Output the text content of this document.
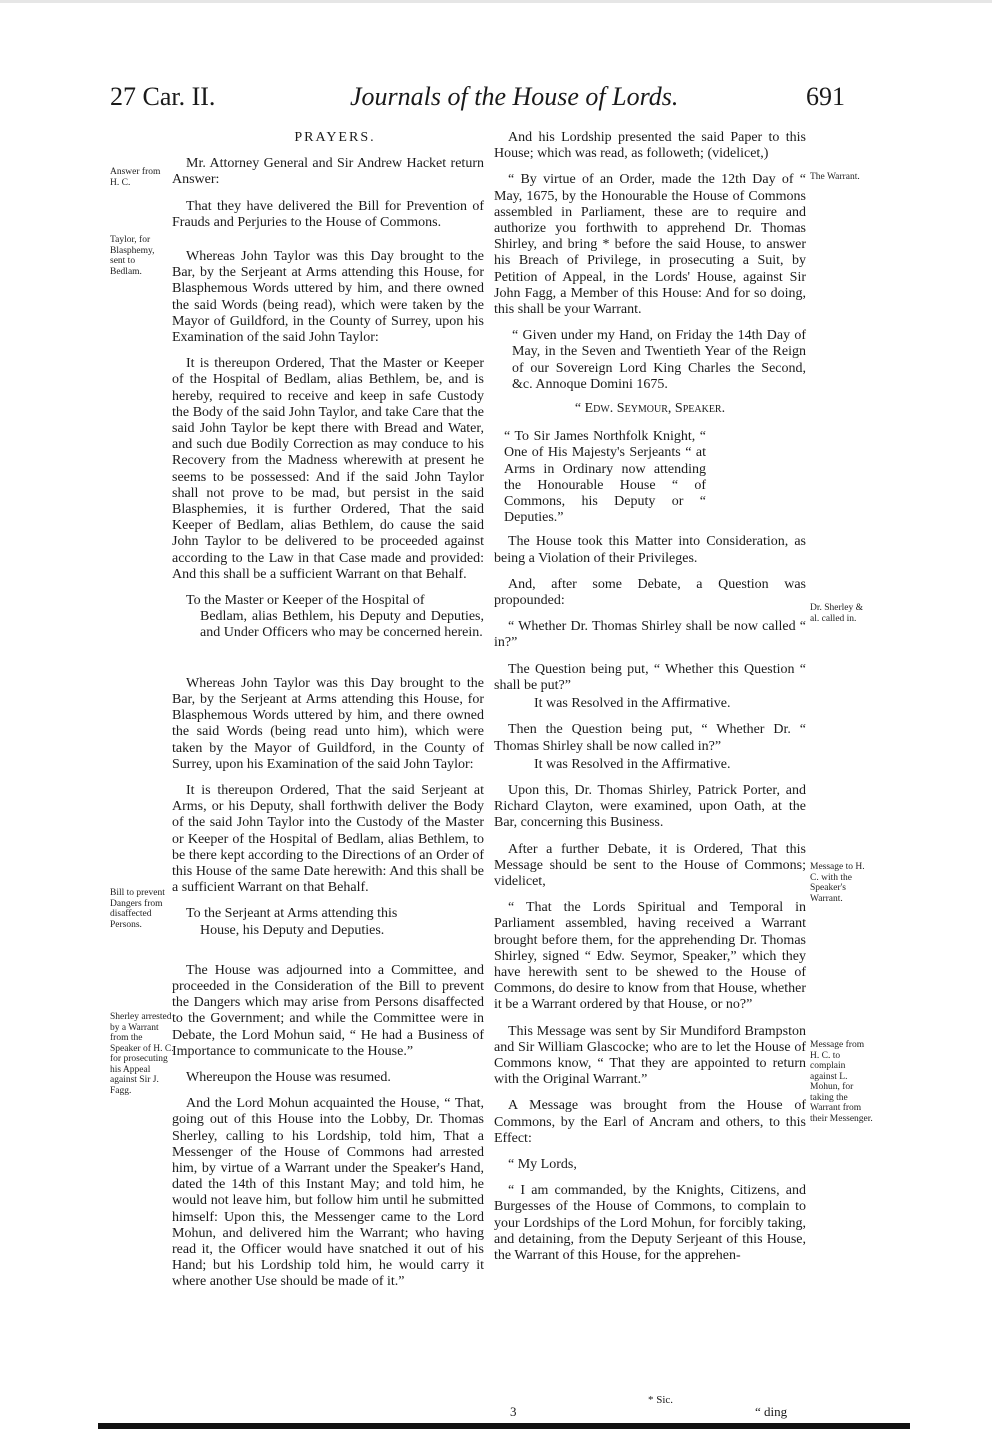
27 Car. II.	Journals of the House of Lords.	691
Answer from H. C.
Taylor, for Blasphemy, sent to Bedlam.
Bill to prevent Dangers from disaffected Persons.
Sherley arrested by a Warrant from the Speaker of H. C. for prosecuting his Appeal against Sir J. Fagg.

PRAYERS.

Mr. Attorney General and Sir Andrew Hacket return Answer:

That they have delivered the Bill for Prevention of Frauds and Perjuries to the House of Commons.

Whereas John Taylor was this Day brought to the Bar, by the Serjeant at Arms attending this House, for Blasphemous Words uttered by him, and there owned the said Words (being read), which were taken by the Mayor of Guildford, in the County of Surrey, upon his Examination of the said John Taylor:

It is thereupon Ordered, That the Master or Keeper of the Hospital of Bedlam, alias Bethlem, be, and is hereby, required to receive and keep in safe Custody the Body of the said John Taylor, and take Care that the said John Taylor be kept there with Bread and Water, and such due Bodily Correction as may conduce to his Recovery from the Madness wherewith at present he seems to be possessed: And if the said John Taylor shall not prove to be mad, but persist in the said Blasphemies, it is further Ordered, That the said Keeper of Bedlam, alias Bethlem, do cause the said John Taylor to be delivered to be proceeded against according to the Law in that Case made and provided: And this shall be a sufficient Warrant on that Behalf.

To the Master or Keeper of the Hospital of

Bedlam, alias Bethlem, his Deputy and Deputies, and Under Officers who may be concerned herein.

Whereas John Taylor was this Day brought to the Bar, by the Serjeant at Arms attending this House, for Blasphemous Words uttered by him, and there owned the said Words (being read unto him), which were taken by the Mayor of Guildford, in the County of Surrey, upon his Examination of the said John Taylor:

It is thereupon Ordered, That the said Serjeant at Arms, or his Deputy, shall forthwith deliver the Body of the said John Taylor into the Custody of the Master or Keeper of the Hospital of Bedlam, alias Bethlem, to be there kept according to the Directions of an Order of this House of the same Date herewith: And this shall be a sufficient Warrant on that Behalf.

To the Serjeant at Arms attending this

House, his Deputy and Deputies.

The House was adjourned into a Committee, and proceeded in the Consideration of the Bill to prevent the Dangers which may arise from Persons disaffected to the Government; and while the Committee were in Debate, the Lord Mohun said, “ He had a Business of Importance to communicate to the House.”

Whereupon the House was resumed.

And the Lord Mohun acquainted the House, “ That, going out of this House into the Lobby, Dr. Thomas Sherley, calling to his Lordship, told him, That a Messenger of the House of Commons had arrested him, by virtue of a Warrant under the Speaker's Hand, dated the 14th of this Instant May; and told him, he would not leave him, but follow him until he submitted himself: Upon this, the Messenger came to the Lord Mohun, and delivered him the Warrant; who having read it, the Officer would have snatched it out of his Hand; but his Lordship told him, he would carry it where another Use should be made of it.”

And his Lordship presented the said Paper to this House; which was read, as followeth; (videlicet,)

“ By virtue of an Order, made the 12th Day of “ May, 1675, by the Honourable the House of Commons assembled in Parliament, these are to require and authorize you forthwith to apprehend Dr. Thomas Shirley, and bring * before the said House, to answer his Breach of Privilege, in prosecuting a Suit, by Petition of Appeal, in the Lords' House, against Sir John Fagg, a Member of this House: And for so doing, this shall be your Warrant.

“ Given under my Hand, on Friday the 14th Day of May, in the Seven and Twentieth Year of the Reign of our Sovereign Lord King Charles the Second, &c. Annoque Domini 1675.

“ Edw. Seymour, Speaker.

“ To Sir James Northfolk Knight, “ One of His Majesty's Serjeants “ at Arms in Ordinary now attending the Honourable House “ of Commons, his Deputy or “ Deputies.”

The House took this Matter into Consideration, as being a Violation of their Privileges.

And, after some Debate, a Question was propounded:

“ Whether Dr. Thomas Shirley shall be now called “ in?”

The Question being put, “ Whether this Question “ shall be put?”

It was Resolved in the Affirmative.

Then the Question being put, “ Whether Dr. “ Thomas Shirley shall be now called in?”

It was Resolved in the Affirmative.

Upon this, Dr. Thomas Shirley, Patrick Porter, and Richard Clayton, were examined, upon Oath, at the Bar, concerning this Business.

After a further Debate, it is Ordered, That this Message should be sent to the House of Commons; videlicet,

“ That the Lords Spiritual and Temporal in Parliament assembled, having received a Warrant brought before them, for the apprehending Dr. Thomas Shirley, signed “ Edw. Seymor, Speaker,” which they have herewith sent to be shewed to the House of Commons, do desire to know from that House, whether it be a Warrant ordered by that House, or no?”

This Message was sent by Sir Mundiford Brampston and Sir William Glascocke; who are to let the House of Commons know, “ That they are appointed to return with the Original Warrant.”

A Message was brought from the House of Commons, by the Earl of Ancram and others, to this Effect:

“ My Lords,

“ I am commanded, by the Knights, Citizens, and Burgesses of the House of Commons, to complain to your Lordships of the Lord Mohun, for forcibly taking, and detaining, from the Deputy Serjeant of this House, the Warrant of this House, for the apprehen-

The Warrant.
Dr. Sherley & al. called in.
Message to H. C. with the Speaker's Warrant.
Message from H. C. to complain against L. Mohun, for taking the Warrant from their Messenger.
* Sic.
3	“ ding
